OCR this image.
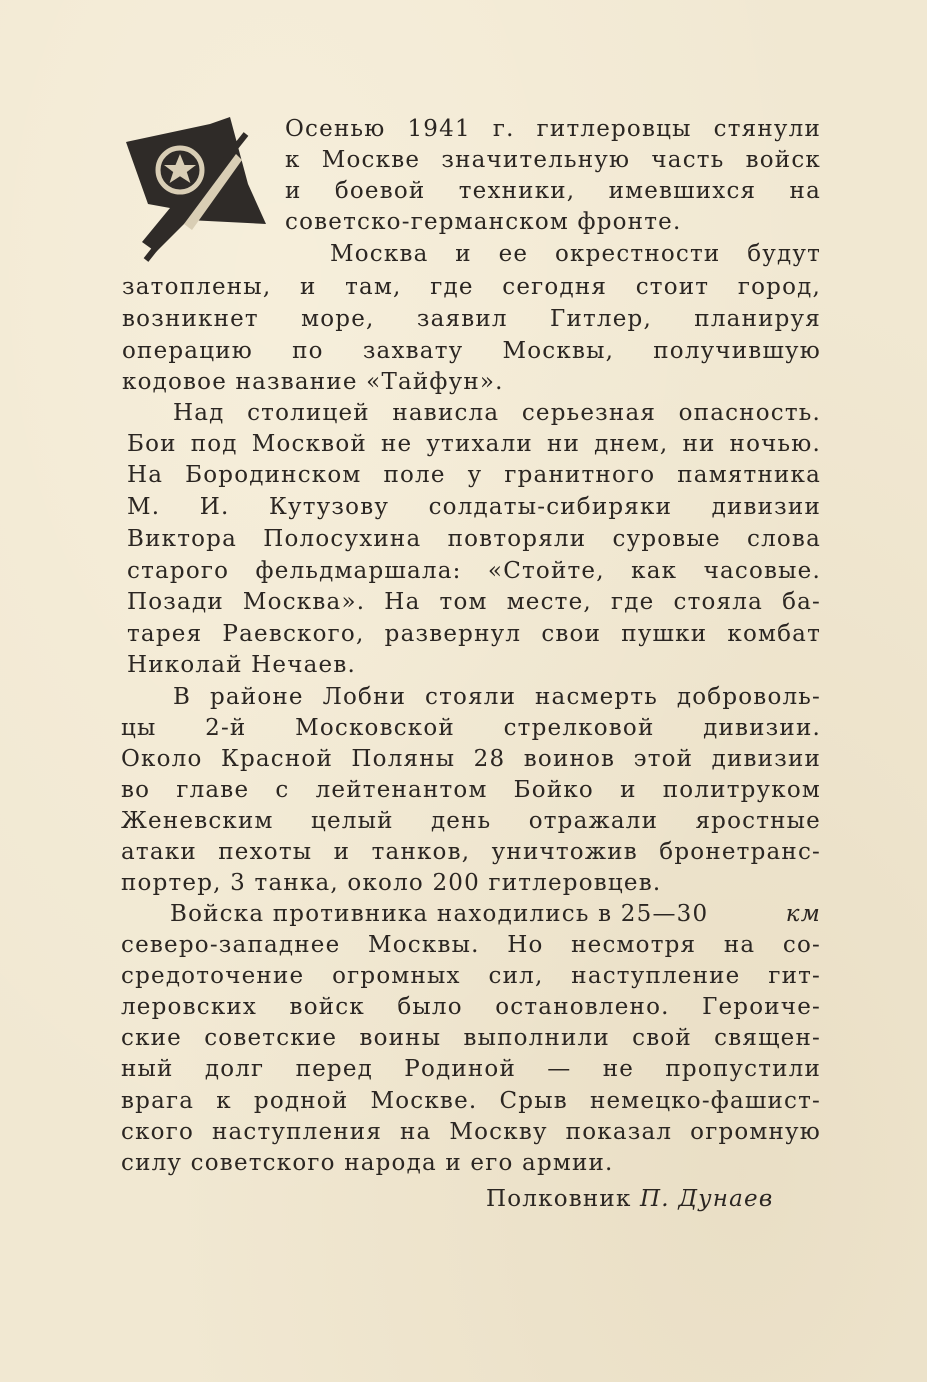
Осенью 1941 г. гитлеровцы стянули

к Москве значительную часть войск

и боевой техники, имевшихся на

советско-германском фронте.

Москва и ее окрестности будут

затоплены, и там, где сегодня стоит город,

возникнет море, заявил Гитлер, планируя

операцию по захвату Москвы, получившую

кодовое название «Тайфун».

Над столицей нависла серьезная опасность.

Бои под Москвой не утихали ни днем, ни ночью.

На Бородинском поле у гранитного памятника

М. И. Кутузову солдаты-сибиряки дивизии

Виктора Полосухина повторяли суровые слова

старого фельдмаршала: «Стойте, как часовые.

Позади Москва». На том месте, где стояла ба-

тарея Раевского, развернул свои пушки комбат

Николай Нечаев.

В районе Лобни стояли насмерть доброволь-

цы 2-й Московской стрелковой дивизии.

Около Красной Поляны 28 воинов этой дивизии

во главе с лейтенантом Бойко и политруком

Женевским целый день отражали яростные

атаки пехоты и танков, уничтожив бронетранс-

портер, 3 танка, около 200 гитлеровцев.

Войска противника находились в 25—30	км

северо-западнее Москвы. Но несмотря на со-

средоточение огромных сил, наступление гит-

леровских войск было остановлено. Героиче-

ские советские воины выполнили свой священ-

ный долг перед Родиной — не пропустили

врага к родной Москве. Срыв немецко-фашист-

ского наступления на Москву показал огромную

силу советского народа и его армии.

Полковник П. Дунаев
